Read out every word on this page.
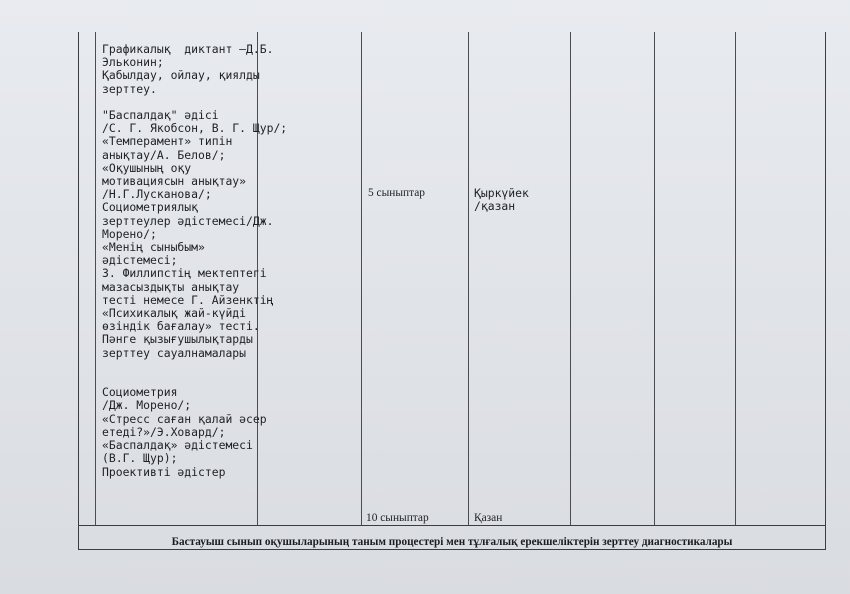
Графикалық  диктант –Д.Б.
Эльконин;
Қабылдау, ойлау, қиялды
зерттеу.

"Баспалдақ" әдісі
/С. Г. Якобсон, В. Г. Щур/;
«Темперамент» типін
анықтау/А. Белов/;
«Оқушының оқу
мотивациясын анықтау»
/Н.Г.Лусканова/;
Социометриялық
зерттеулер әдістемесі/Дж.
Морено/;
«Менің сыныбым»
әдістемесі;
З. Филлипстің мектептегі
мазасыздықты анықтау
тесті немесе Г. Айзенктің
«Психикалық жай-күйді
өзіндік бағалау» тесті.
Пәнге қызығушылықтарды
зерттеу сауалнамалары

Социометрия
/Дж. Морено/;
«Стресс саған қалай әсер
етеді?»/Э.Ховард/;
«Баспалдақ» әдістемесі
(В.Г. Щур);
Проективті әдістер
5 сыныптар	Қыркүйек
/қазан
10 сыныптар	Қазан
Бастауыш сынып оқушыларының таным процестері мен тұлғалық ерекшеліктерін зерттеу диагностикалары
